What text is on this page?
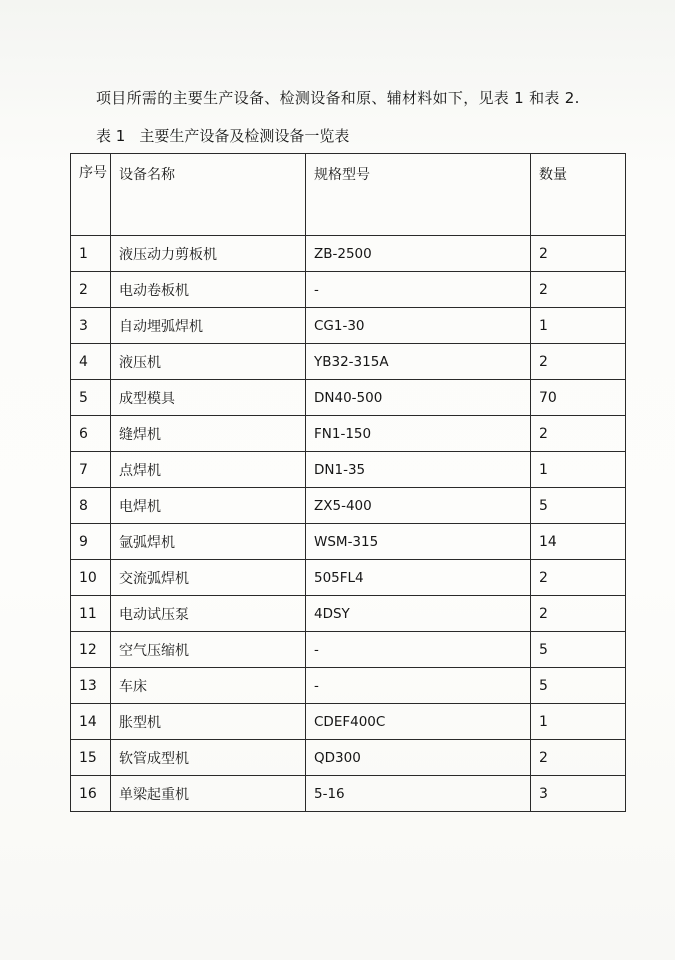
项目所需的主要生产设备、检测设备和原、辅材料如下，见表 1 和表 2.
表 1 主要生产设备及检测设备一览表
序号	设备名称	规格型号	数量
1	液压动力剪板机	ZB-2500	2
2	电动卷板机	-	2
3	自动埋弧焊机	CG1-30	1
4	液压机	YB32-315A	2
5	成型模具	DN40-500	70
6	缝焊机	FN1-150	2
7	点焊机	DN1-35	1
8	电焊机	ZX5-400	5
9	氩弧焊机	WSM-315	14
10	交流弧焊机	505FL4	2
11	电动试压泵	4DSY	2
12	空气压缩机	-	5
13	车床	-	5
14	胀型机	CDEF400C	1
15	软管成型机	QD300	2
16	单梁起重机	5-16	3
